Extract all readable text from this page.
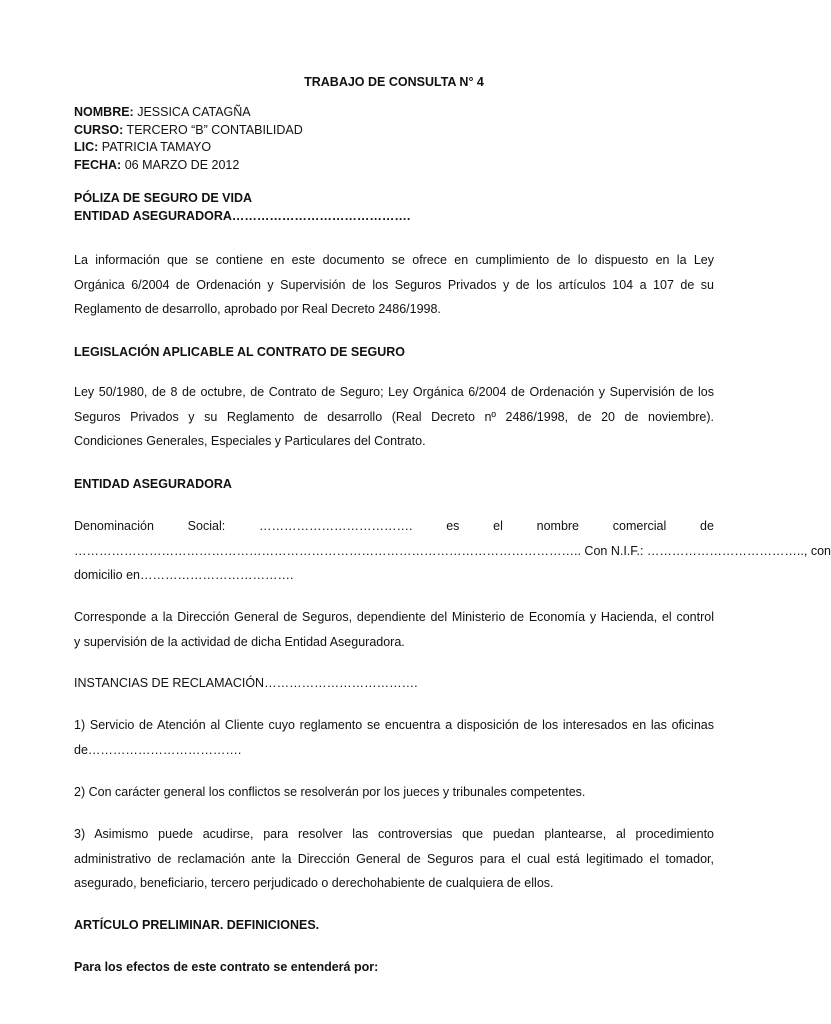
TRABAJO DE CONSULTA N° 4
NOMBRE: JESSICA CATAGÑA
CURSO: TERCERO “B” CONTABILIDAD
LIC: PATRICIA TAMAYO
FECHA: 06 MARZO DE 2012
PÓLIZA DE SEGURO DE VIDA
ENTIDAD ASEGURADORA…………………………………….
La información que se contiene en este documento se ofrece en cumplimiento de lo dispuesto en la Ley
Orgánica 6/2004 de Ordenación y Supervisión de los Seguros Privados y de los artículos 104 a 107 de su
Reglamento de desarrollo, aprobado por Real Decreto 2486/1998.
LEGISLACIÓN APLICABLE AL CONTRATO DE SEGURO
Ley 50/1980, de 8 de octubre, de Contrato de Seguro; Ley Orgánica 6/2004 de Ordenación y Supervisión de los
Seguros Privados y su Reglamento de desarrollo (Real Decreto nº 2486/1998, de 20 de noviembre).
Condiciones Generales, Especiales y Particulares del Contrato.
ENTIDAD ASEGURADORA
Denominación	Social:	……………………………….	es	el	nombre	comercial	de
………………………………………………………………………………………………………….. Con N.I.F.: ……………………………….., con
domicilio en……………………………….
Corresponde a la Dirección General de Seguros, dependiente del Ministerio de Economía y Hacienda, el control
y supervisión de la actividad de dicha Entidad Aseguradora.
INSTANCIAS DE RECLAMACIÓN……………………………….
1) Servicio de Atención al Cliente cuyo reglamento se encuentra a disposición de los interesados en las oficinas
de……………………………….
2) Con carácter general los conflictos se resolverán por los jueces y tribunales competentes.
3) Asimismo puede acudirse, para resolver las controversias que puedan plantearse, al procedimiento
administrativo de reclamación ante la Dirección General de Seguros para el cual está legitimado el tomador,
asegurado, beneficiario, tercero perjudicado o derechohabiente de cualquiera de ellos.
ARTÍCULO PRELIMINAR. DEFINICIONES.
Para los efectos de este contrato se entenderá por:
